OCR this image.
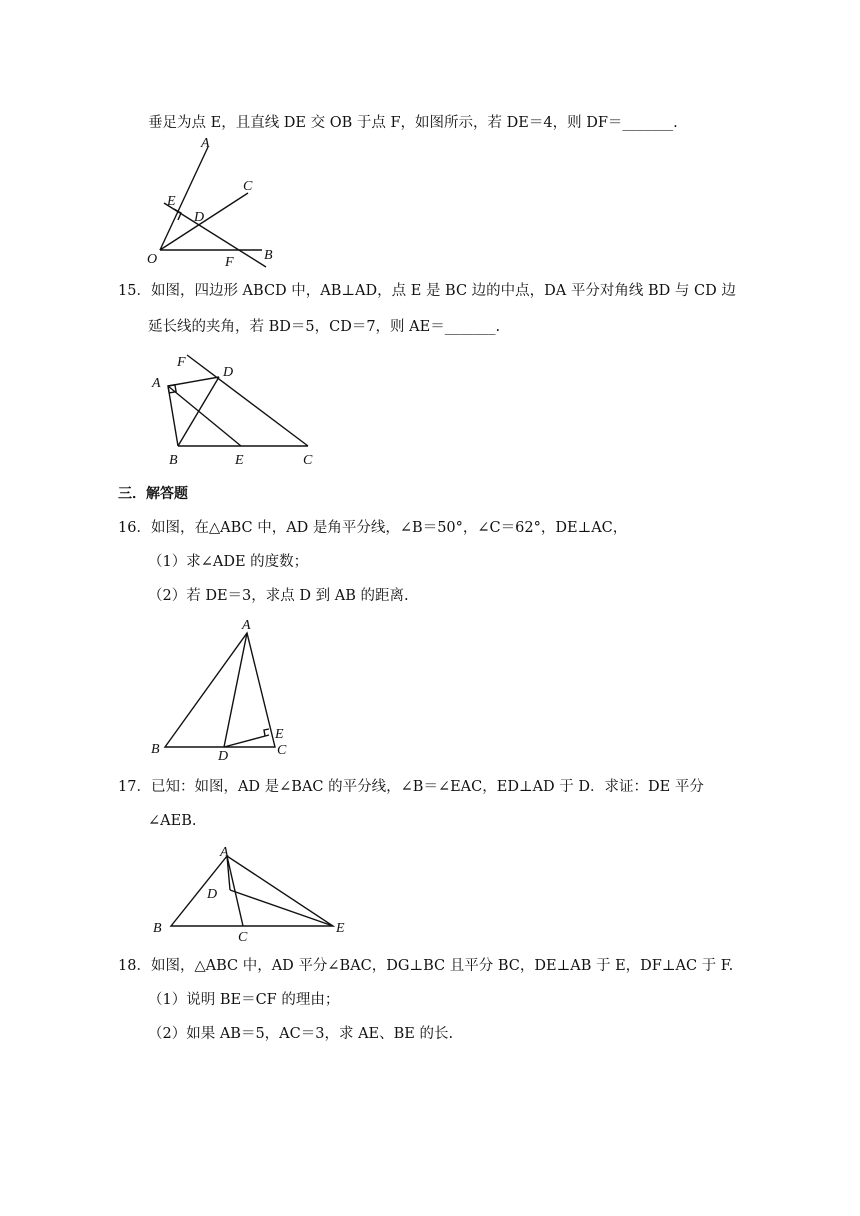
垂足为点 E，且直线 DE 交 OB 于点 F，如图所示，若 DE＝4，则 DF＝_______.
A
C
E
D
O	F B
15．如图，四边形 ABCD 中，AB⊥AD，点 E 是 BC 边的中点，DA 平分对角线 BD 与 CD 边
延长线的夹角，若 BD＝5，CD＝7，则 AE＝_______.
F
A
D
B	E	C
三．解答题
16．如图，在△ABC 中，AD 是角平分线，∠B＝50°，∠C＝62°，DE⊥AC，
（1）求∠ADE 的度数；
（2）若 DE＝3，求点 D 到 AB 的距离.
A
B	D	C
E
17．已知：如图，AD 是∠BAC 的平分线，∠B＝∠EAC，ED⊥AD 于 D．求证：DE 平分
∠AEB.
A
D
B
C
E
18．如图，△ABC 中，AD 平分∠BAC，DG⊥BC 且平分 BC，DE⊥AB 于 E，DF⊥AC 于 F.
（1）说明 BE＝CF 的理由；
（2）如果 AB＝5，AC＝3，求 AE、BE 的长.
